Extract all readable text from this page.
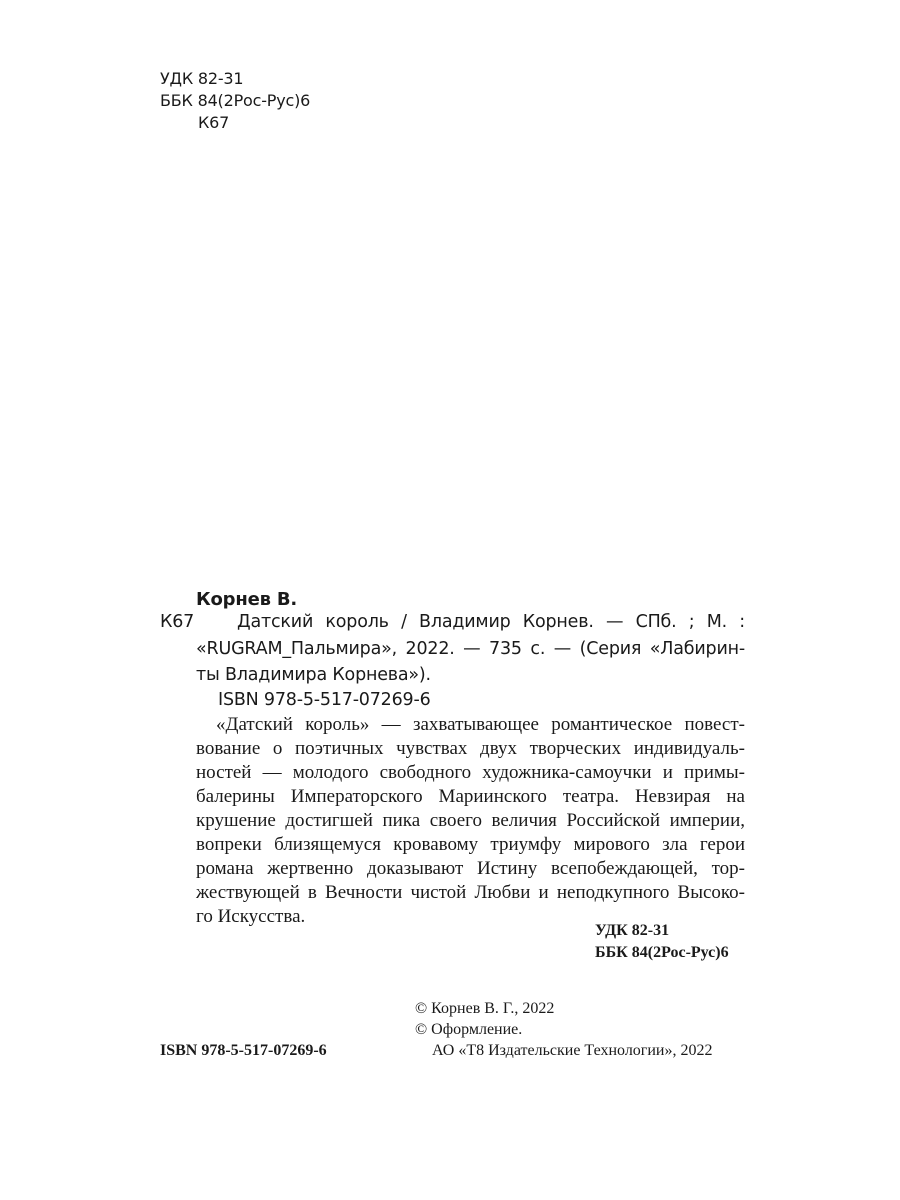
УДК 82-31
ББК 84(2Рос-Рус)6
К67
Корнев В.
К67 Датский король / Владимир Корнев. — СПб. ; М. :
«RUGRAM_Пальмира», 2022. — 735 с. — (Серия «Лабирин-
ты Владимира Корнева»).
ISBN 978-5-517-07269-6
«Датский король» — захватывающее романтическое повест-
вование о поэтичных чувствах двух творческих индивидуаль-
ностей — молодого свободного художника-самоучки и примы-
балерины Императорского Мариинского театра. Невзирая на
крушение достигшей пика своего величия Российской империи,
вопреки близящемуся кровавому триумфу мирового зла герои
романа жертвенно доказывают Истину всепобеждающей, тор-
жествующей в Вечности чистой Любви и неподкупного Высоко-
го Искусства.
УДК 82-31
ББК 84(2Рос-Рус)6
© Корнев В. Г., 2022
© Оформление.
ISBN 978-5-517-07269-6	АО «Т8 Издательские Технологии», 2022
